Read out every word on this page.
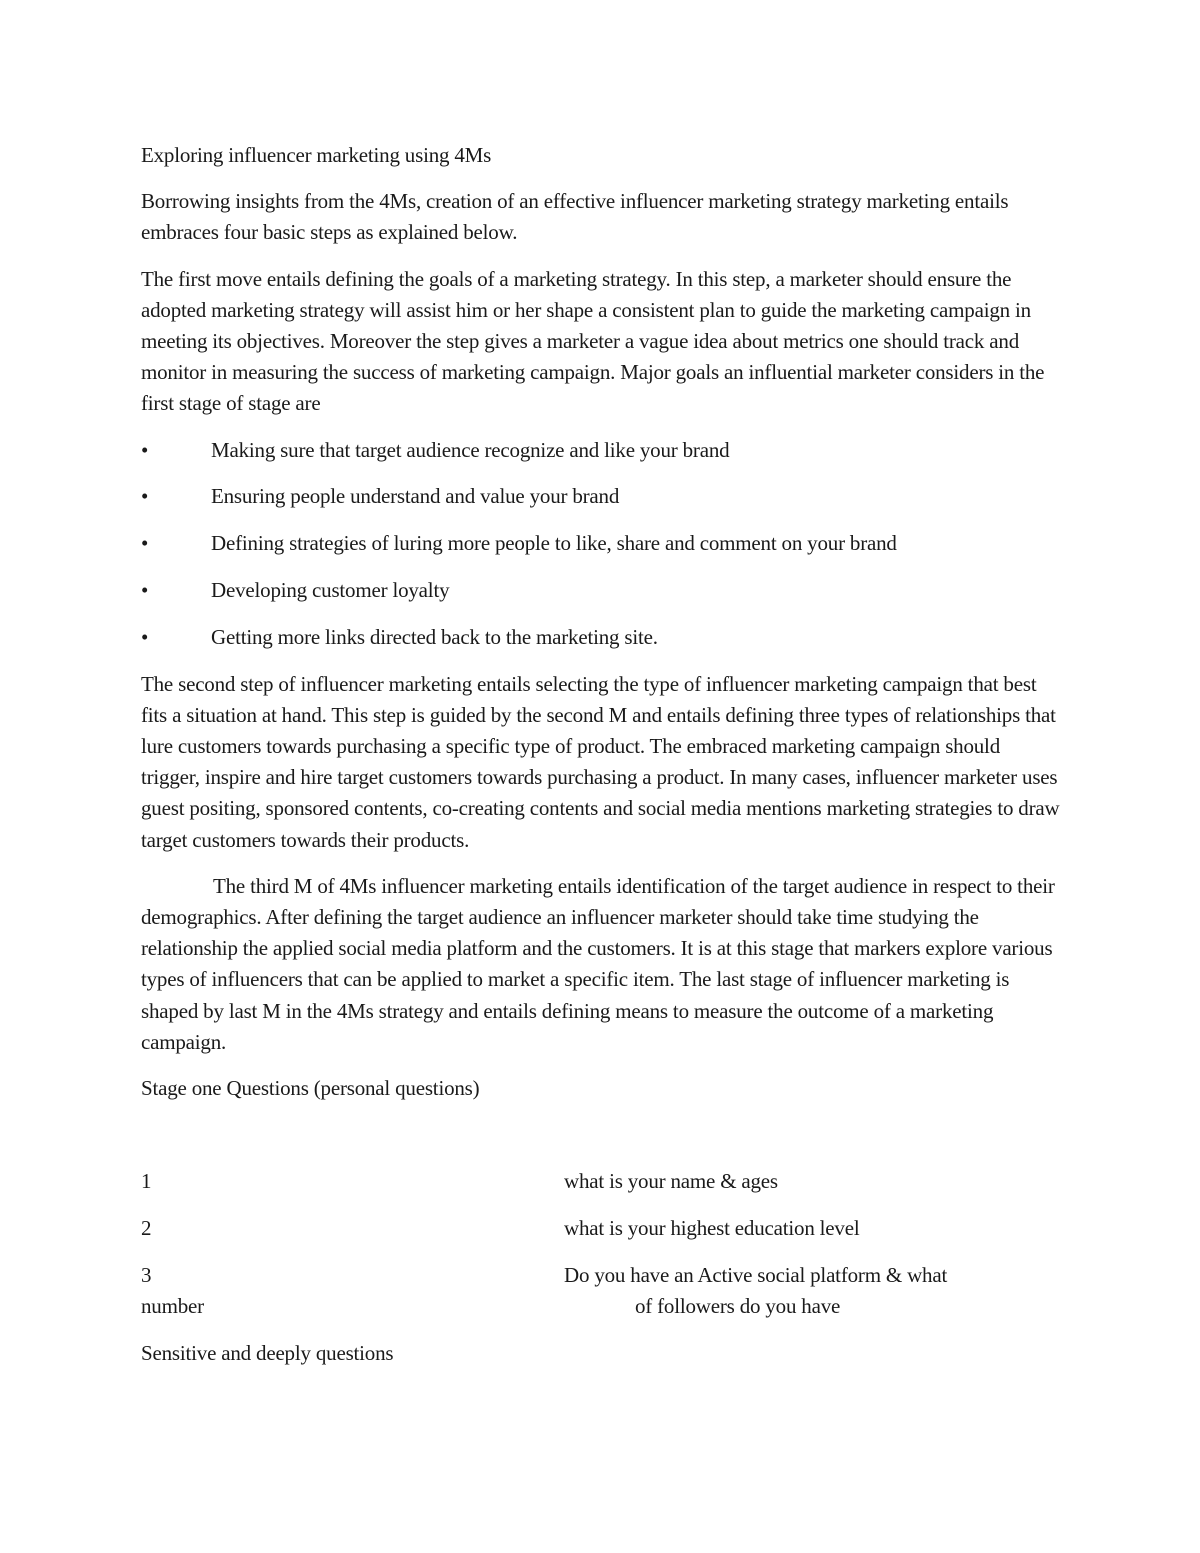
Exploring influencer marketing using 4Ms

Borrowing insights from the 4Ms, creation of an effective influencer marketing strategy marketing entails embraces four basic steps as explained below.

The first move entails defining the goals of a marketing strategy. In this step, a marketer should ensure the adopted marketing strategy will assist him or her shape a consistent plan to guide the marketing campaign in meeting its objectives. Moreover the step gives a marketer a vague idea about metrics one should track and monitor in measuring the success of marketing campaign. Major goals an influential marketer considers in the first stage of stage are

•	Making sure that target audience recognize and like your brand
•	Ensuring people understand and value your brand
•	Defining strategies of luring more people to like, share and comment on your brand
•	Developing customer loyalty
•	Getting more links directed back to the marketing site.

The second step of influencer marketing entails selecting the type of influencer marketing campaign that best fits a situation at hand. This step is guided by the second M and entails defining three types of relationships that lure customers towards purchasing a specific type of product. The embraced marketing campaign should trigger, inspire and hire target customers towards purchasing a product. In many cases, influencer marketer uses guest positing, sponsored contents, co-creating contents and social media mentions marketing strategies to draw target customers towards their products.

The third M of 4Ms influencer marketing entails identification of the target audience in respect to their demographics. After defining the target audience an influencer marketer should take time studying the relationship the applied social media platform and the customers. It is at this stage that markers explore various types of influencers that can be applied to market a specific item. The last stage of influencer marketing is shaped by last M in the 4Ms strategy and entails defining means to measure the outcome of a marketing campaign.

Stage one Questions (personal questions)

1	what is your name & ages
2	what is your highest education level
3	Do you have an Active social platform & what
number	of followers do you have

Sensitive and deeply questions
